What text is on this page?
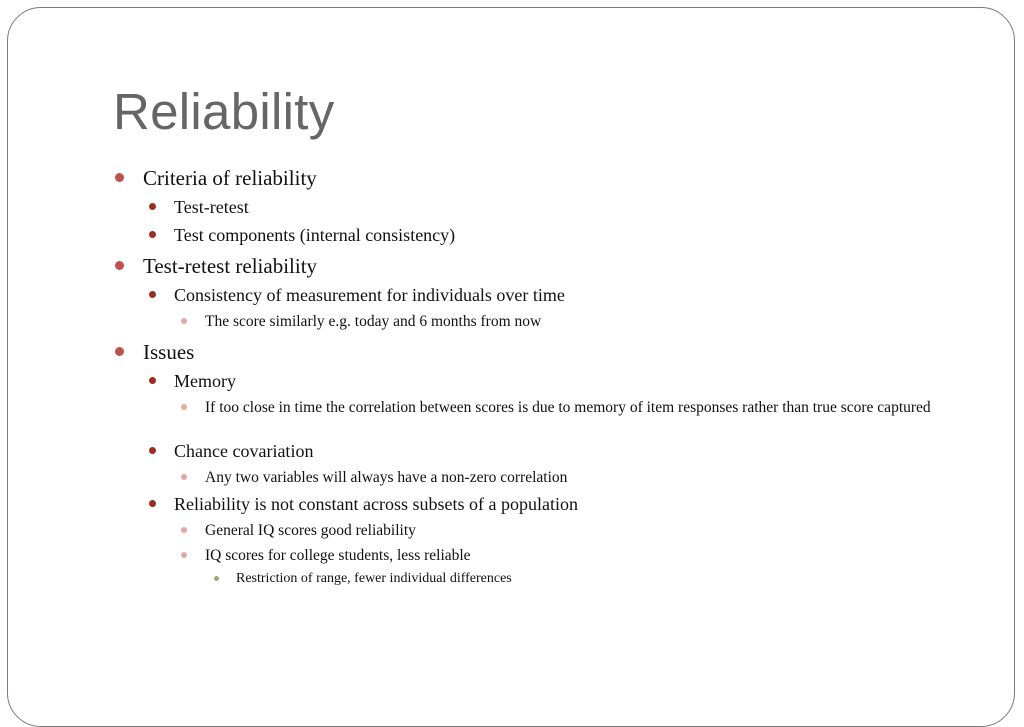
Reliability
Criteria of reliability
Test-retest
Test components (internal consistency)
Test-retest reliability
Consistency of measurement for individuals over time
The score similarly e.g. today and 6 months from now
Issues
Memory
If too close in time the correlation between scores is due to memory of item responses rather than true score captured
Chance covariation
Any two variables will always have a non-zero correlation
Reliability is not constant across subsets of a population
General IQ scores good reliability
IQ scores for college students, less reliable
Restriction of range, fewer individual differences
